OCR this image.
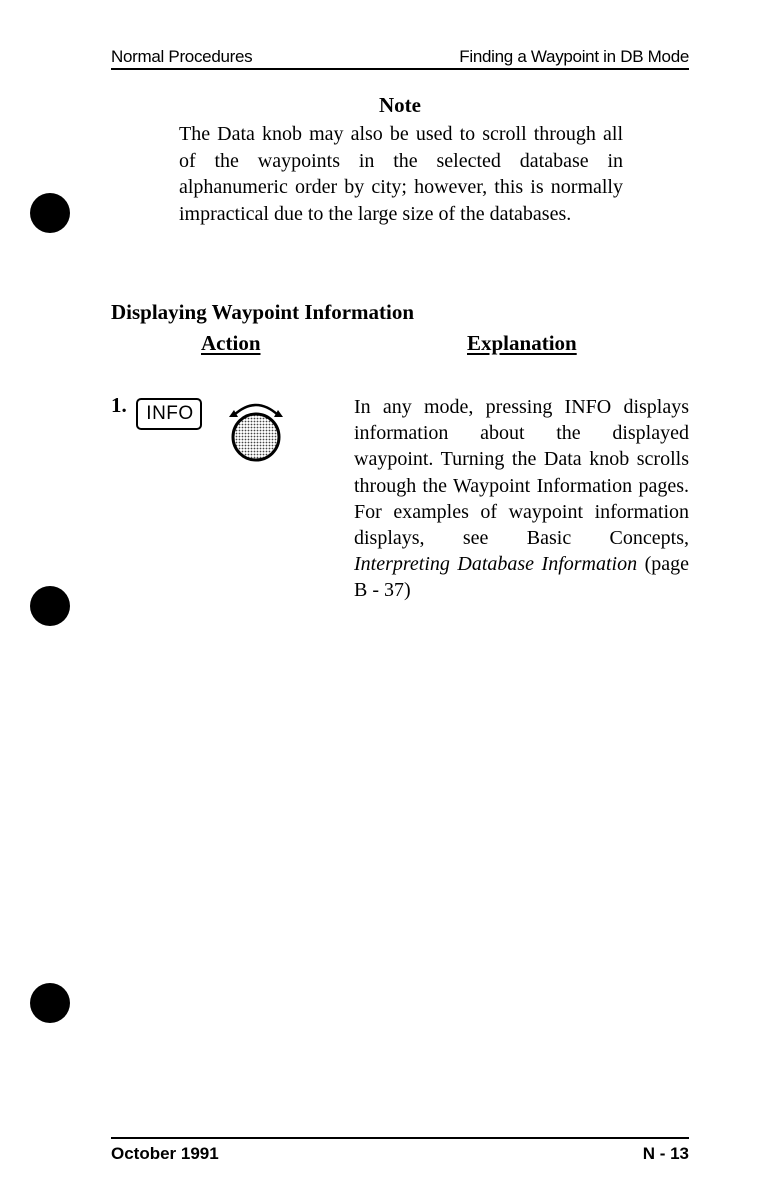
Normal Procedures	Finding a Waypoint in DB Mode
Note
The Data knob may also be used to scroll through all of the waypoints in the selected database in alphanumeric order by city; however, this is normally impractical due to the large size of the databases.
Displaying Waypoint Information
Action	Explanation
1.	INFO	In any mode, pressing INFO displays information about the displayed waypoint. Turning the Data knob scrolls through the Waypoint Information pages. For examples of waypoint information displays, see Basic Concepts, Interpreting Database Information (page B - 37)
October 1991	N - 13
